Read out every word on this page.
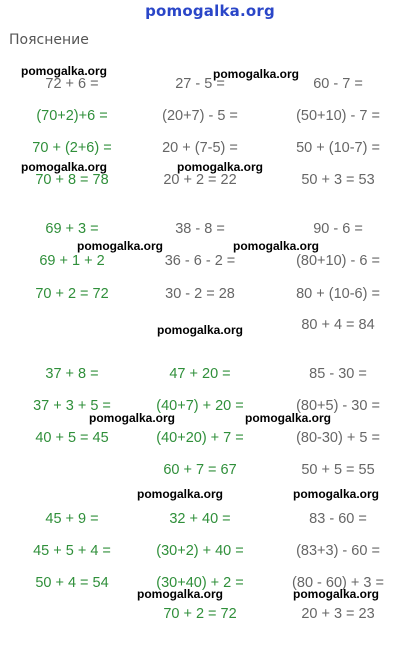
pomogalka.org
Пояснение
72 + 6 =
(70+2)+6 =
70 + (2+6) =
70 + 8 = 78
27 - 5 =
(20+7) - 5 =
20 + (7-5) =
20 + 2 = 22
60 - 7 =
(50+10) - 7 =
50 + (10-7) =
50 + 3 = 53
69 + 3 =
69 + 1 + 2
70 + 2 = 72
38 - 8 =
36 - 6 - 2 =
30 - 2 = 28
90 - 6 =
(80+10) - 6 =
80 + (10-6) =
80 + 4 = 84
37 + 8 =
37 + 3 + 5 =
40 + 5 = 45
47 + 20 =
(40+7) + 20 =
(40+20) + 7 =
60 + 7 = 67
85 - 30 =
(80+5) - 30 =
(80-30) + 5 =
50 + 5 = 55
45 + 9 =
45 + 5 + 4 =
50 + 4 = 54
32 + 40 =
(30+2) + 40 =
(30+40) + 2 =
70 + 2 = 72
83 - 60 =
(83+3) - 60 =
(80 - 60) + 3 =
20 + 3 = 23
pomogalka.org	pomogalka.org
pomogalka.org	pomogalka.org
pomogalka.org	pomogalka.org
pomogalka.org
pomogalka.org	pomogalka.org
pomogalka.org	pomogalka.org
pomogalka.org	pomogalka.org
